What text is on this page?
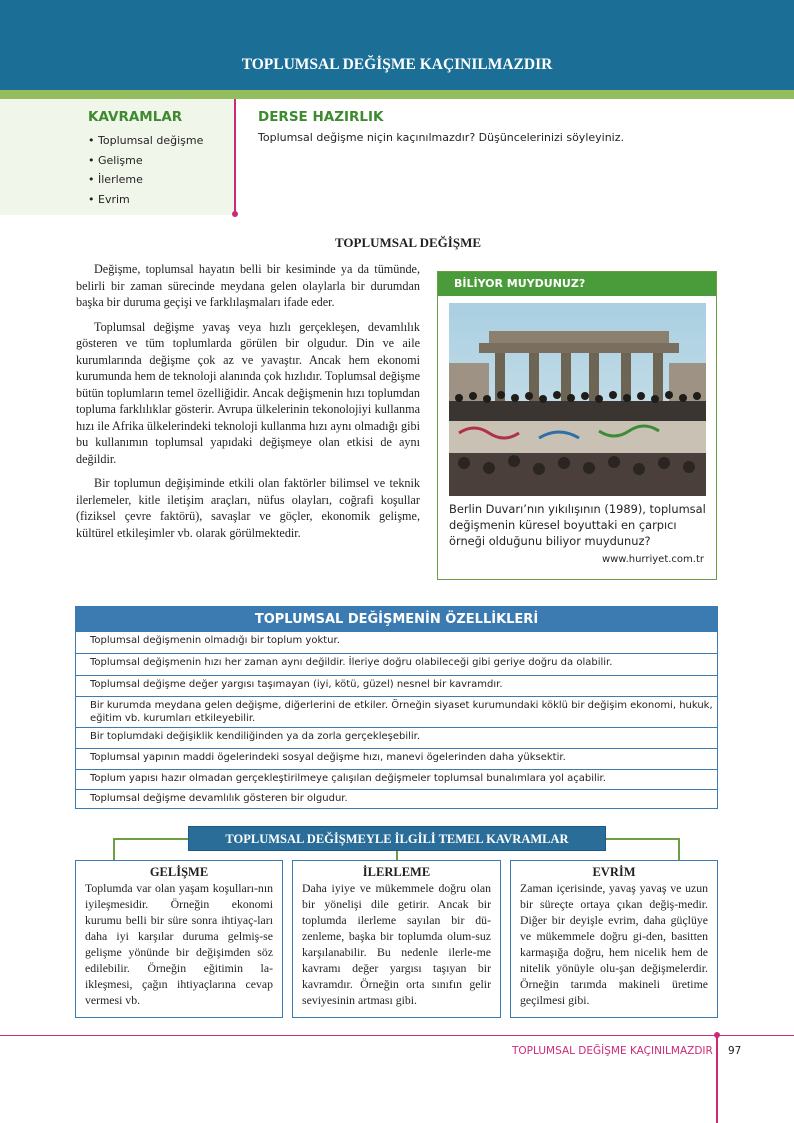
TOPLUMSAL DEĞİŞME KAÇINILMAZDIR
KAVRAMLAR
• Toplumsal değişme
• Gelişme
• İlerleme
• Evrim
DERSE HAZIRLIK
Toplumsal değişme niçin kaçınılmazdır? Düşüncelerinizi söyleyiniz.
TOPLUMSAL DEĞİŞME

Değişme, toplumsal hayatın belli bir kesiminde ya da tümünde, belirli bir zaman sürecinde meydana gelen olaylarla bir durumdan başka bir duruma geçişi ve farklılaşmaları ifade eder.

Toplumsal değişme yavaş veya hızlı gerçekleşen, devamlılık gösteren ve tüm toplumlarda görülen bir olgudur. Din ve aile kurumlarında değişme çok az ve yavaştır. Ancak hem ekonomi kurumunda hem de teknoloji alanında çok hızlıdır. Toplumsal değişme bütün toplumların temel özelliğidir. Ancak değişmenin hızı toplumdan topluma farklılıklar gösterir. Avrupa ülkelerinin tekonolojiyi kullanma hızı ile Afrika ülkelerindeki teknoloji kullanma hızı aynı olmadığı gibi bu kullanımın toplumsal yapıdaki değişmeye olan etkisi de aynı değildir.

Bir toplumun değişiminde etkili olan faktörler bilimsel ve teknik ilerlemeler, kitle iletişim araçları, nüfus olayları, coğrafi koşullar (fiziksel çevre faktörü), savaşlar ve göçler, ekonomik gelişme, kültürel etkileşimler vb. olarak görülmektedir.

BİLİYOR MUYDUNUZ?
Berlin Duvarı’nın yıkılışının (1989), toplumsal değişmenin küresel boyuttaki en çarpıcı örneği olduğunu biliyor muydunuz?
www.hurriyet.com.tr
TOPLUMSAL DEĞİŞMENİN ÖZELLİKLERİ
Toplumsal değişmenin olmadığı bir toplum yoktur.
Toplumsal değişmenin hızı her zaman aynı değildir. İleriye doğru olabileceği gibi geriye doğru da olabilir.
Toplumsal değişme değer yargısı taşımayan (iyi, kötü, güzel) nesnel bir kavramdır.
Bir kurumda meydana gelen değişme, diğerlerini de etkiler. Örneğin siyaset kurumundaki köklü bir değişim ekonomi, hukuk, eğitim vb. kurumları etkileyebilir.
Bir toplumdaki değişiklik kendiliğinden ya da zorla gerçekleşebilir.
Toplumsal yapının maddi ögelerindeki sosyal değişme hızı, manevi ögelerinden daha yüksektir.
Toplum yapısı hazır olmadan gerçekleştirilmeye çalışılan değişmeler toplumsal bunalımlara yol açabilir.
Toplumsal değişme devamlılık gösteren bir olgudur.
TOPLUMSAL DEĞİŞMEYLE İLGİLİ TEMEL KAVRAMLAR
GELİŞME
Toplumda var olan yaşam koşulları-nın iyileşmesidir. Örneğin ekonomi kurumu belli bir süre sonra ihtiyaç-ları daha iyi karşılar duruma gelmiş-se gelişme yönünde bir değişimden söz edilebilir. Örneğin eğitimin la-ikleşmesi, çağın ihtiyaçlarına cevap vermesi vb.
İLERLEME
Daha iyiye ve mükemmele doğru olan bir yönelişi dile getirir. Ancak bir toplumda ilerleme sayılan bir dü-zenleme, başka bir toplumda olum-suz karşılanabilir. Bu nedenle ilerle-me kavramı değer yargısı taşıyan bir kavramdır. Örneğin orta sınıfın gelir seviyesinin artması gibi.
EVRİM
Zaman içerisinde, yavaş yavaş ve uzun bir süreçte ortaya çıkan değiş-medir. Diğer bir deyişle evrim, daha güçlüye ve mükemmele doğru gi-den, basitten karmaşığa doğru, hem nicelik hem de nitelik yönüyle olu-şan değişmelerdir. Örneğin tarımda makineli üretime geçilmesi gibi.
TOPLUMSAL DEĞİŞME KAÇINILMAZDIR 97
